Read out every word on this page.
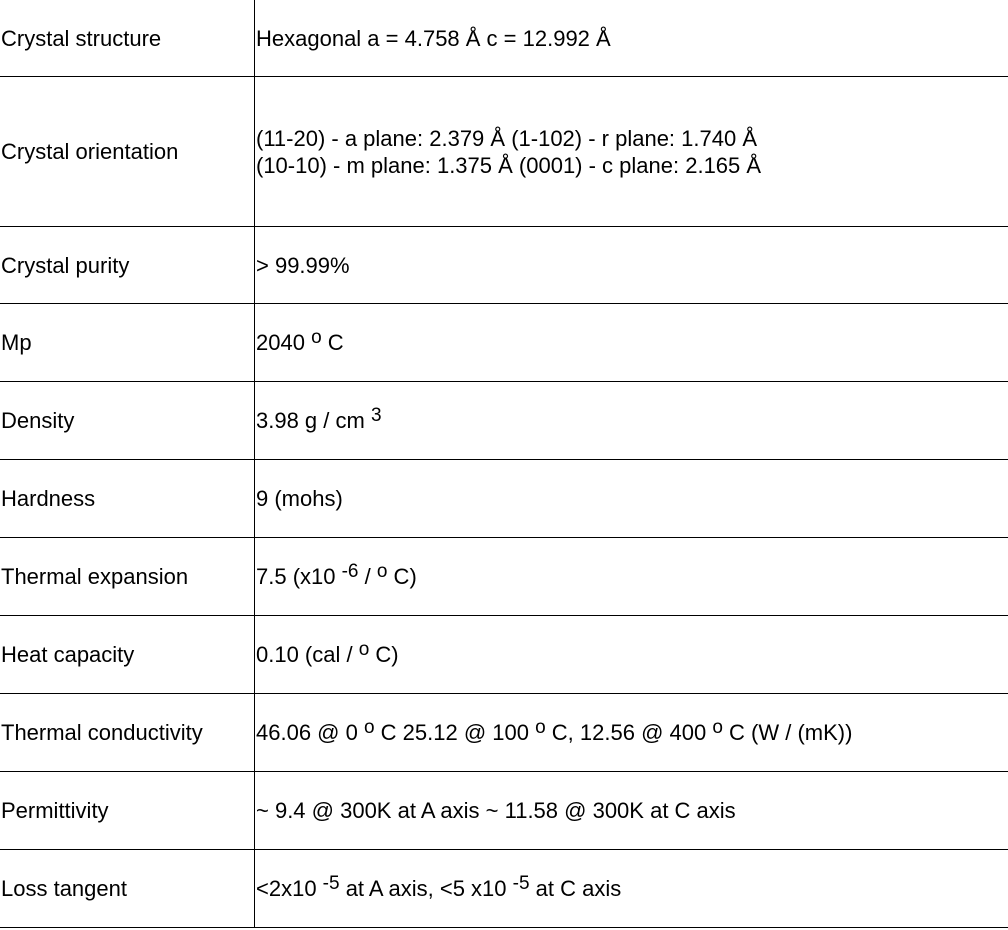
Crystal structure	Hexagonal a = 4.758 Å c = 12.992 Å
Crystal orientation	(11-20) - a plane: 2.379 Å (1-102) - r plane: 1.740 Å
(10-10) - m plane: 1.375 Å (0001) - c plane: 2.165 Å

Crystal purity	> 99.99%
Mp	2040 $^o$ C
Density	3.98 g / cm $^3$
Hardness	9 (mohs)
Thermal expansion	7.5 (x10 $^{-6}$ / $^o$ C)
Heat capacity	0.10 (cal / $^o$ C)
Thermal conductivity	46.06 @ 0 $^o$ C 25.12 @ 100 $^o$ C, 12.56 @ 400 $^o$ C (W / (mK))
Permittivity	~ 9.4 @ 300K at A axis ~ 11.58 @ 300K at C axis
Loss tangent	<2x10 $^{-5}$ at A axis, <5 x10 $^{-5}$ at C axis
